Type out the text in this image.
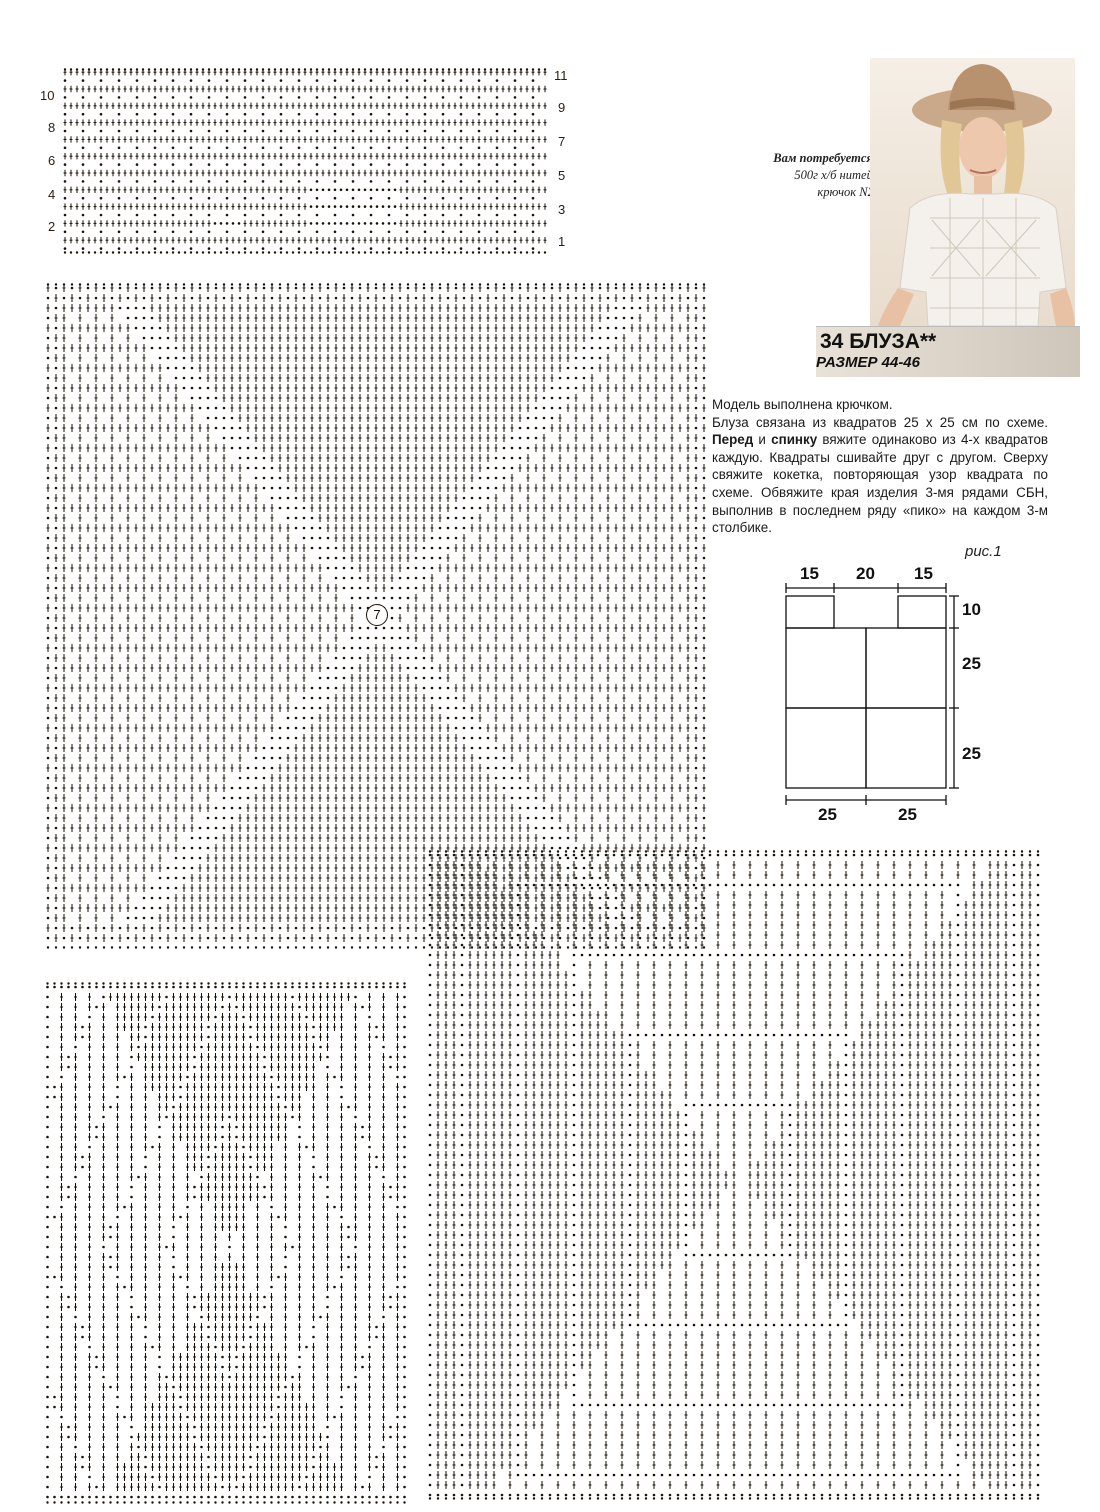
10
8
6
4
2
11
9
7
5
3
1
7
Вам потребуется:
500г х/б нитей;
крючок N2.
34 БЛУЗА**
РАЗМЕР 44-46

Модель выполнена крючком.

Блуза связана из квадратов 25 х 25 см по схеме. Перед и спинку вяжите одинаково из 4-х квадратов каждую. Квадраты сшивайте друг с другом. Сверху свяжите кокетка, повторяющая узор квадрата по схеме. Обвяжите края изделия 3-мя рядами СБН, выполнив в последнем ряду «пико» на каждом 3-м столбике.

рис.1
15 20 15
10
25
25
25	25
